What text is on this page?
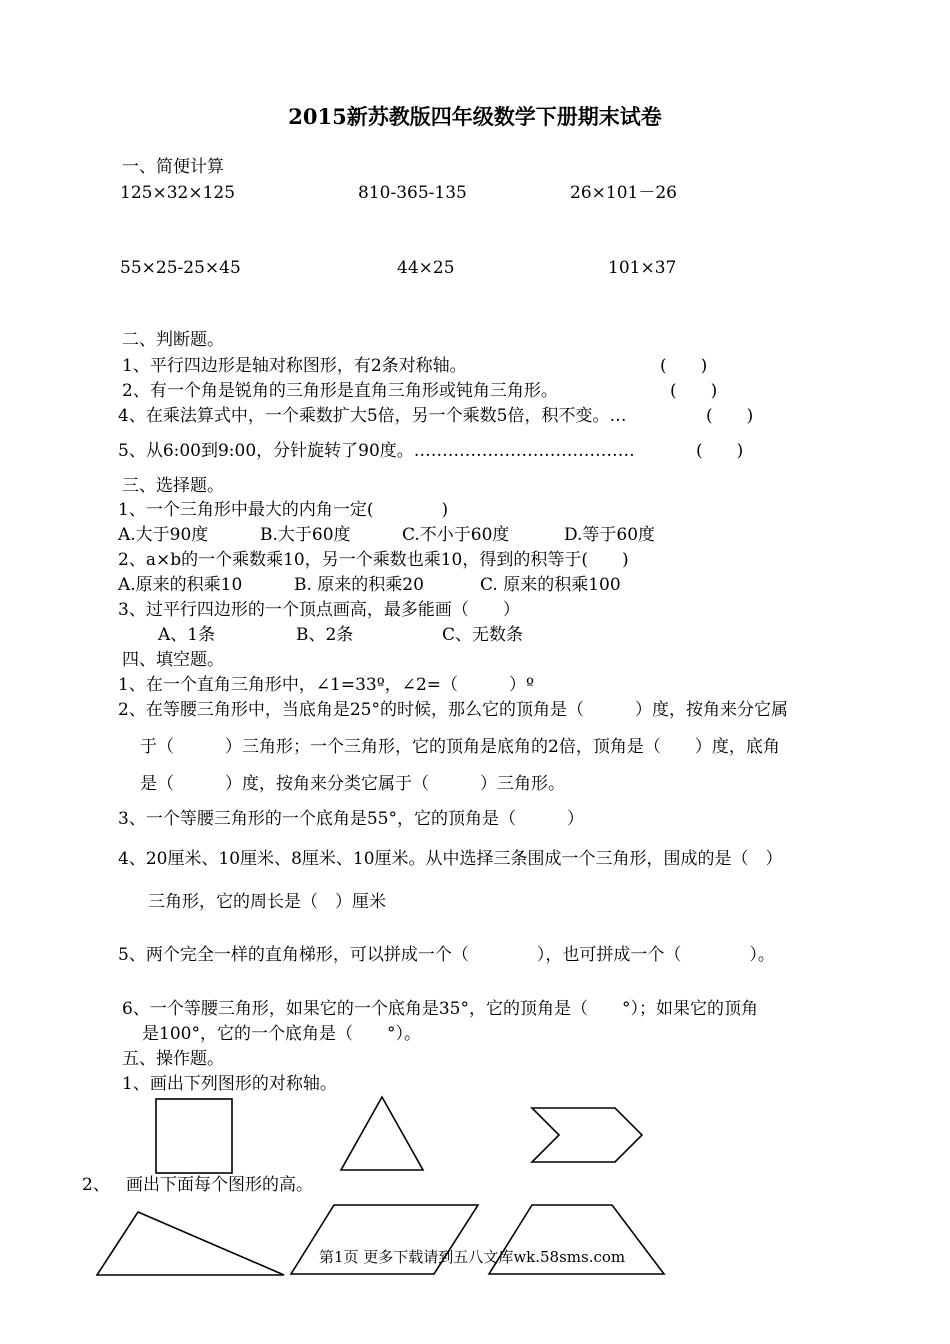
2015新苏教版四年级数学下册期末试卷
一、简便计算
125×32×125	810-365-135	26×101－26
55×25-25×45	44×25	101×37
二、判断题。
1、平行四边形是轴对称图形，有2条对称轴。	(　　)
2、有一个角是锐角的三角形是直角三角形或钝角三角形。	(　　)
4、在乘法算式中，一个乘数扩大5倍，另一个乘数5倍，积不变。…	(　　)
5、从6:00到9:00，分针旋转了90度。…………………………………	(　　)
三、选择题。
1、一个三角形中最大的内角一定(　　　　)
A.大于90度	B.大于60度	C.不小于60度	D.等于60度
2、a×b的一个乘数乘10，另一个乘数也乘10，得到的积等于(　　)
A.原来的积乘10	B. 原来的积乘20	C. 原来的积乘100
3、过平行四边形的一个顶点画高，最多能画（　　）
A、1条	B、2条	C、无数条
四、填空题。
1、在一个直角三角形中，∠1=33º，∠2=（　　　）º
2、在等腰三角形中，当底角是25°的时候，那么它的顶角是（　　　）度，按角来分它属
于（　　　）三角形；一个三角形，它的顶角是底角的2倍，顶角是（　　）度，底角
是（　　　）度，按角来分类它属于（　　　）三角形。
3、一个等腰三角形的一个底角是55°，它的顶角是（　　　）
4、20厘米、10厘米、8厘米、10厘米。从中选择三条围成一个三角形，围成的是（　）
三角形，它的周长是（　）厘米
5、两个完全一样的直角梯形，可以拼成一个（　　　　），也可拼成一个（　　　　）。
6、一个等腰三角形，如果它的一个底角是35°，它的顶角是（　　°）；如果它的顶角
是100°，它的一个底角是（　　°）。
五、操作题。
1、画出下列图形的对称轴。
2、 画出下面每个图形的高。
第1页 更多下载请到五八文库wk.58sms.com
